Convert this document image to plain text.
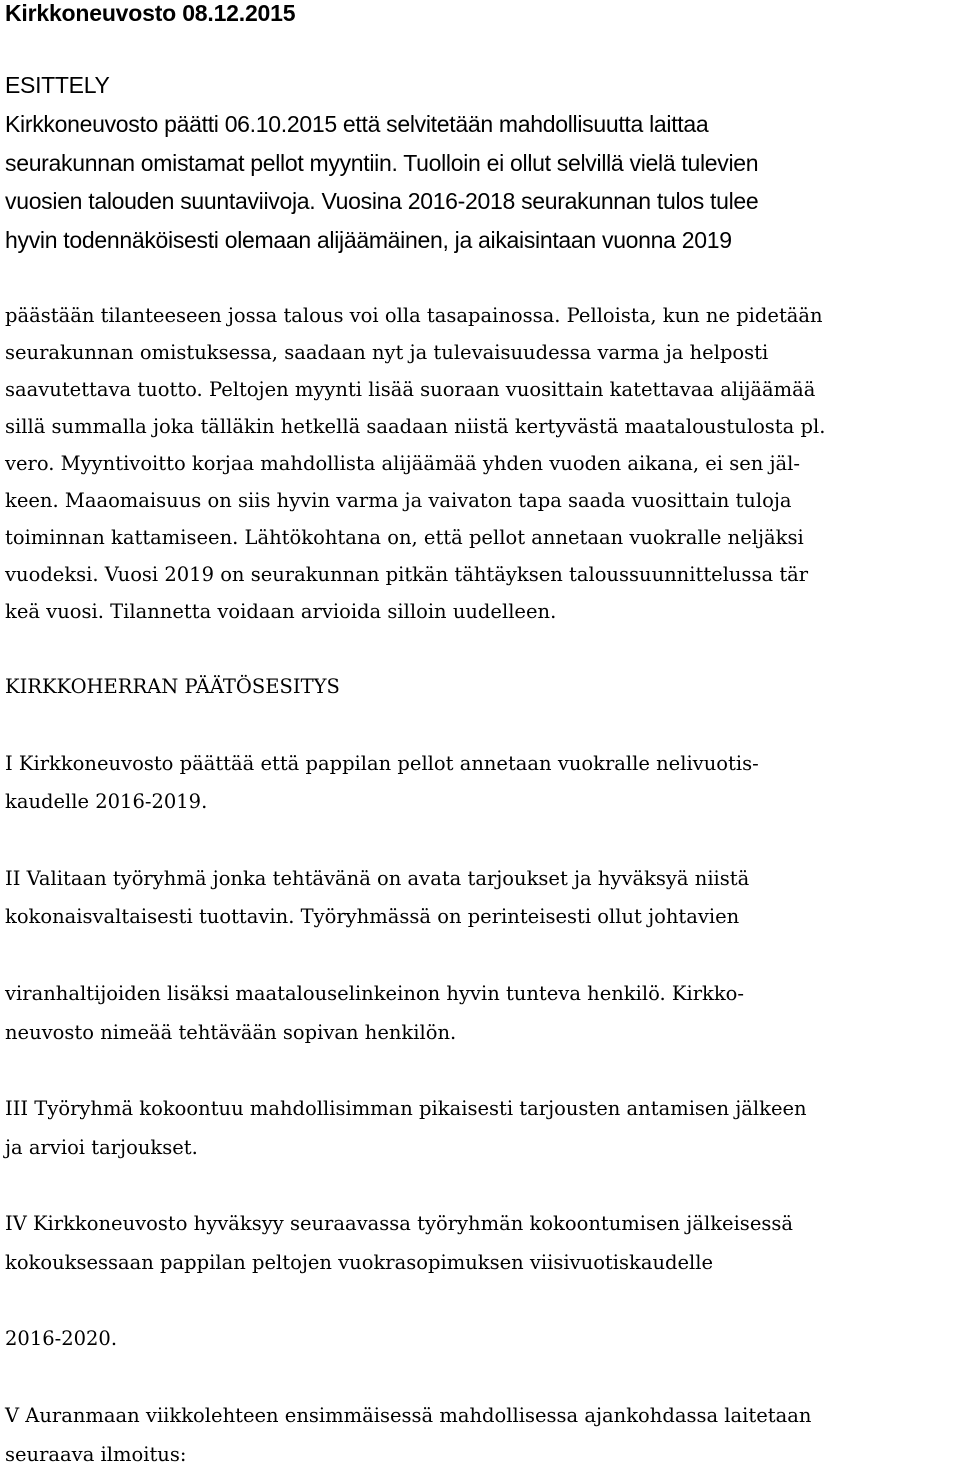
Kirkkoneuvosto 08.12.2015
ESITTELY
Kirkkoneuvosto päätti 06.10.2015 että selvitetään mahdollisuutta laittaa
seurakunnan omistamat pellot myyntiin. Tuolloin ei ollut selvillä vielä tulevien
vuosien talouden suuntaviivoja. Vuosina 2016-2018 seurakunnan tulos tulee
hyvin todennäköisesti olemaan alijäämäinen, ja aikaisintaan vuonna 2019
päästään tilanteeseen jossa talous voi olla tasapainossa. Pelloista, kun ne pidetään
seurakunnan omistuksessa, saadaan nyt ja tulevaisuudessa varma ja helposti
saavutettava tuotto. Peltojen myynti lisää suoraan vuosittain katettavaa alijäämää
sillä summalla joka tälläkin hetkellä saadaan niistä kertyvästä maataloustulosta pl.
vero. Myyntivoitto korjaa mahdollista alijäämää yhden vuoden aikana, ei sen jäl-
keen. Maaomaisuus on siis hyvin varma ja vaivaton tapa saada vuosittain tuloja
toiminnan kattamiseen. Lähtökohtana on, että pellot annetaan vuokralle neljäksi
vuodeksi. Vuosi 2019 on seurakunnan pitkän tähtäyksen taloussuunnittelussa tär
keä vuosi. Tilannetta voidaan arvioida silloin uudelleen.
KIRKKOHERRAN PÄÄTÖSESITYS
I Kirkkoneuvosto päättää että pappilan pellot annetaan vuokralle nelivuotis-
kaudelle 2016-2019.
II Valitaan työryhmä jonka tehtävänä on avata tarjoukset ja hyväksyä niistä
kokonaisvaltaisesti tuottavin. Työryhmässä on perinteisesti ollut johtavien
viranhaltijoiden lisäksi maatalouselinkeinon hyvin tunteva henkilö. Kirkko-
neuvosto nimeää tehtävään sopivan henkilön.
III Työryhmä kokoontuu mahdollisimman pikaisesti tarjousten antamisen jälkeen
ja arvioi tarjoukset.
IV Kirkkoneuvosto hyväksyy seuraavassa työryhmän kokoontumisen jälkeisessä
kokouksessaan pappilan peltojen vuokrasopimuksen viisivuotiskaudelle
2016-2020.
V Auranmaan viikkolehteen ensimmäisessä mahdollisessa ajankohdassa laitetaan
seuraava ilmoitus:
